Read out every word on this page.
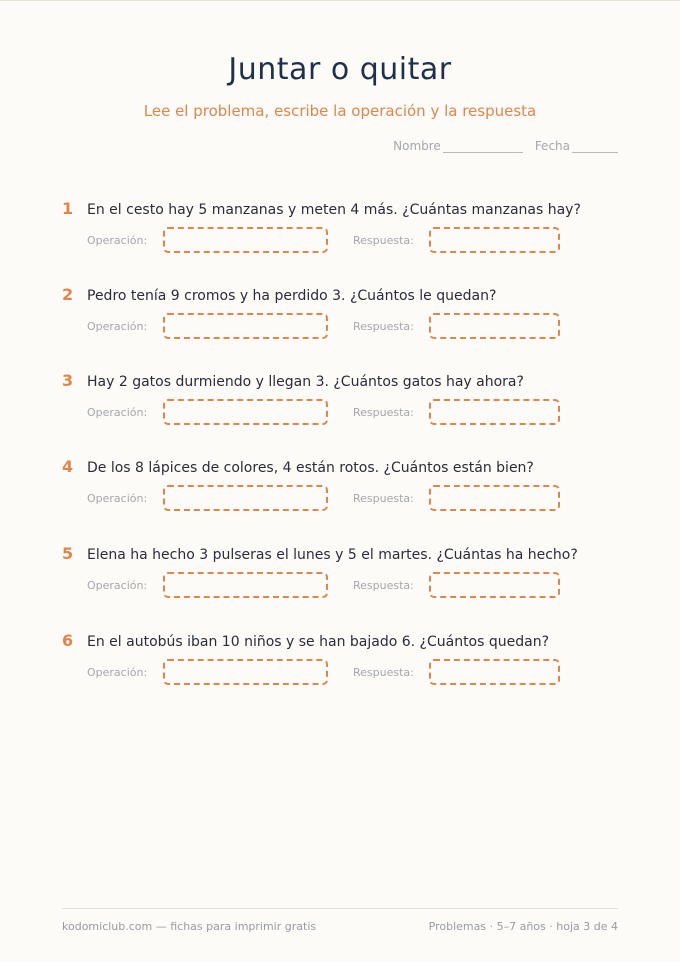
Juntar o quitar
Lee el problema, escribe la operación y la respuesta
Nombre	Fecha
1 En el cesto hay 5 manzanas y meten 4 más. ¿Cuántas manzanas hay?
Operación:	Respuesta:
2 Pedro tenía 9 cromos y ha perdido 3. ¿Cuántos le quedan?
Operación:	Respuesta:
3 Hay 2 gatos durmiendo y llegan 3. ¿Cuántos gatos hay ahora?
Operación:	Respuesta:
4 De los 8 lápices de colores, 4 están rotos. ¿Cuántos están bien?
Operación:	Respuesta:
5 Elena ha hecho 3 pulseras el lunes y 5 el martes. ¿Cuántas ha hecho?
Operación:	Respuesta:
6 En el autobús iban 10 niños y se han bajado 6. ¿Cuántos quedan?
Operación:	Respuesta:
kodomiclub.com — fichas para imprimir gratis	Problemas · 5–7 años · hoja 3 de 4
